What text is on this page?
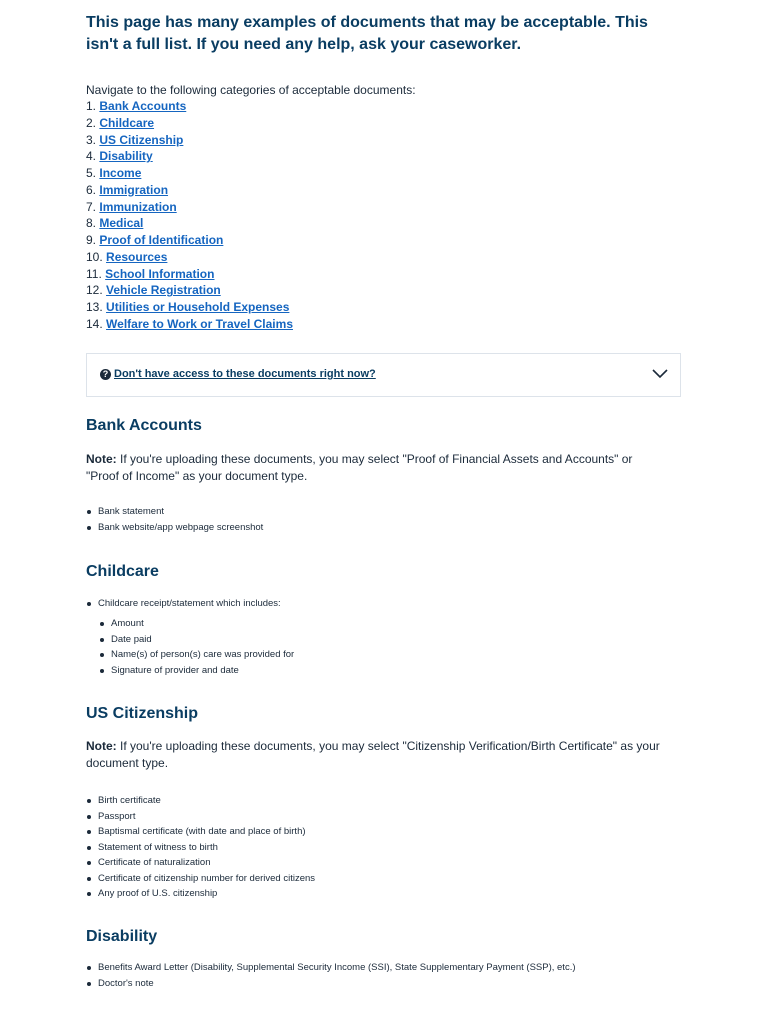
This page has many examples of documents that may be acceptable. This isn't a full list. If you need any help, ask your caseworker.

Navigate to the following categories of acceptable documents:
1. Bank Accounts
2. Childcare
3. US Citizenship
4. Disability
5. Income
6. Immigration
7. Immunization
8. Medical
9. Proof of Identification
10. Resources
11. School Information
12. Vehicle Registration
13. Utilities or Household Expenses
14. Welfare to Work or Travel Claims
? Don't have access to these documents right now?
Bank Accounts

Note: If you're uploading these documents, you may select "Proof of Financial Assets and Accounts" or "Proof of Income" as your document type.

Bank statement
Bank website/app webpage screenshot
Childcare
Childcare receipt/statement which includes:
Amount
Date paid
Name(s) of person(s) care was provided for
Signature of provider and date
US Citizenship

Note: If you're uploading these documents, you may select "Citizenship Verification/Birth Certificate" as your document type.

Birth certificate
Passport
Baptismal certificate (with date and place of birth)
Statement of witness to birth
Certificate of naturalization
Certificate of citizenship number for derived citizens
Any proof of U.S. citizenship
Disability
Benefits Award Letter (Disability, Supplemental Security Income (SSI), State Supplementary Payment (SSP), etc.)
Doctor's note
